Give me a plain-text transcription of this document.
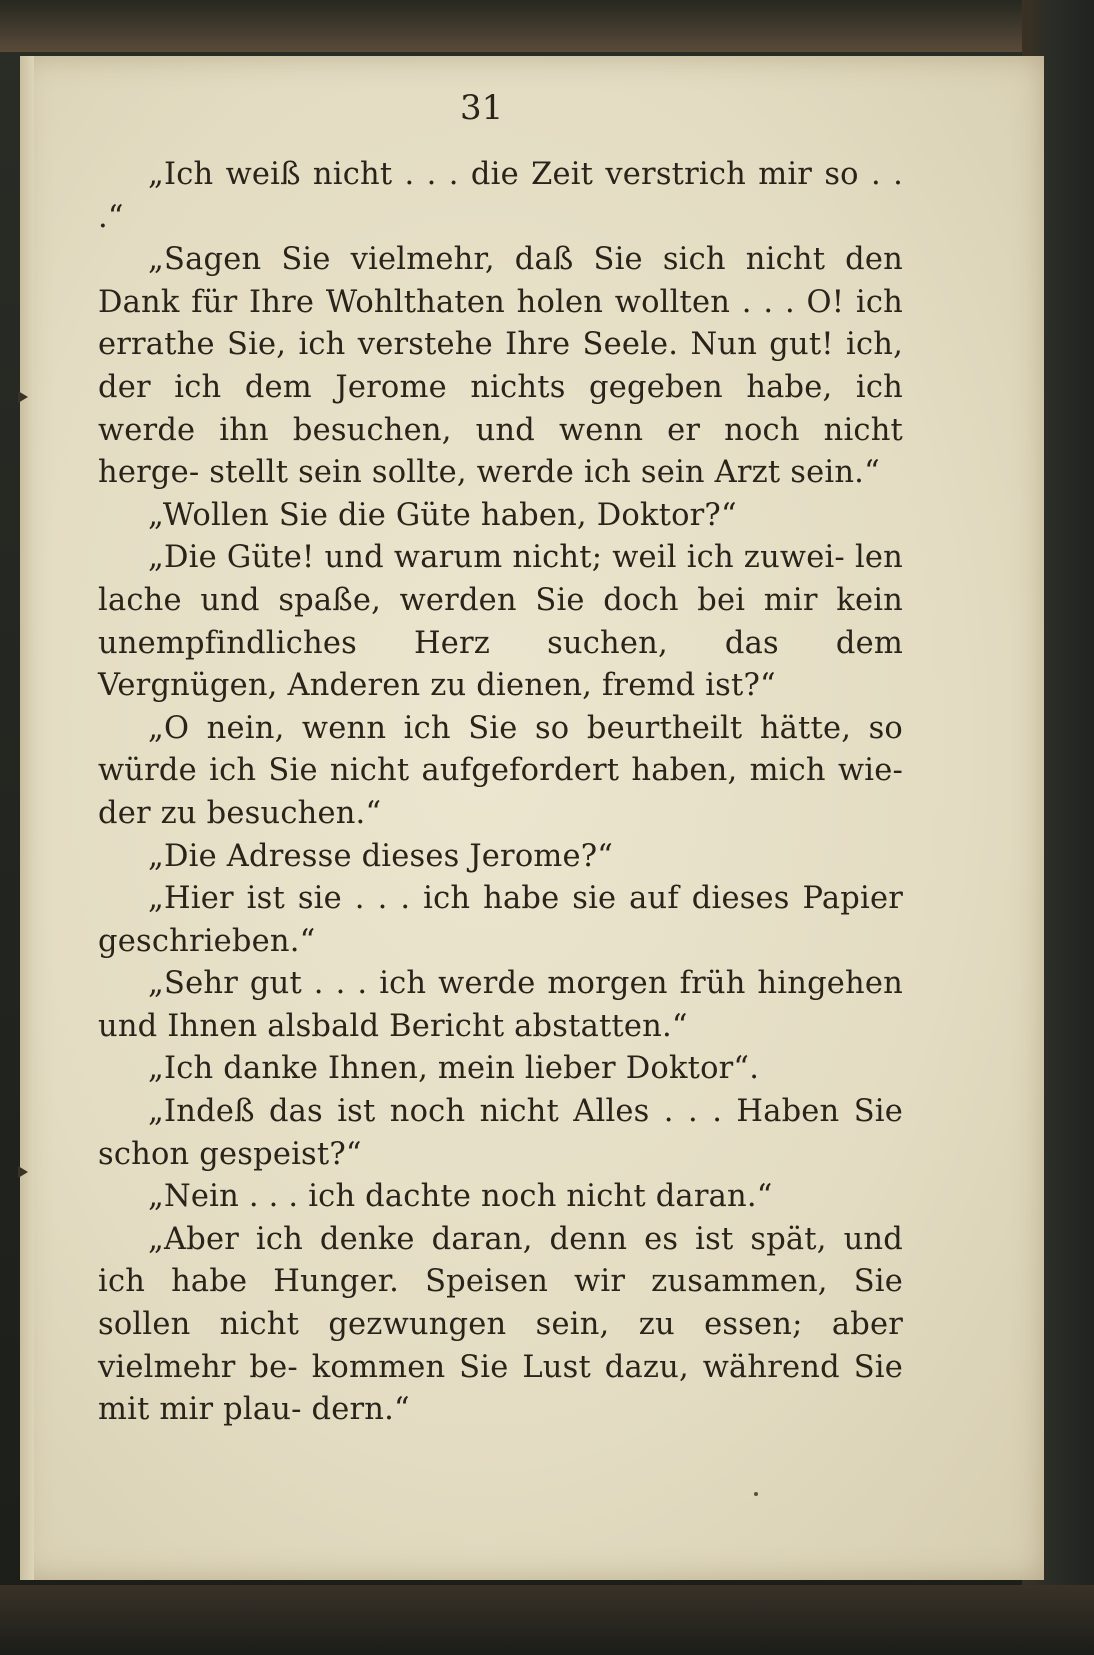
31

„Ich weiß nicht . . . die Zeit verstrich mir so . . .“

„Sagen Sie vielmehr, daß Sie sich nicht den Dank für Ihre Wohlthaten holen wollten . . . O! ich errathe Sie, ich verstehe Ihre Seele. Nun gut! ich, der ich dem Jerome nichts gegeben habe, ich werde ihn besuchen, und wenn er noch nicht herge- stellt sein sollte, werde ich sein Arzt sein.“

„Wollen Sie die Güte haben, Doktor?“

„Die Güte! und warum nicht; weil ich zuwei- len lache und spaße, werden Sie doch bei mir kein unempfindliches Herz suchen, das dem Vergnügen, Anderen zu dienen, fremd ist?“

„O nein, wenn ich Sie so beurtheilt hätte, so würde ich Sie nicht aufgefordert haben, mich wie- der zu besuchen.“

„Die Adresse dieses Jerome?“

„Hier ist sie . . . ich habe sie auf dieses Papier geschrieben.“

„Sehr gut . . . ich werde morgen früh hingehen und Ihnen alsbald Bericht abstatten.“

„Ich danke Ihnen, mein lieber Doktor“.

„Indeß das ist noch nicht Alles . . . Haben Sie schon gespeist?“

„Nein . . . ich dachte noch nicht daran.“

„Aber ich denke daran, denn es ist spät, und ich habe Hunger. Speisen wir zusammen, Sie sollen nicht gezwungen sein, zu essen; aber vielmehr be- kommen Sie Lust dazu, während Sie mit mir plau- dern.“
